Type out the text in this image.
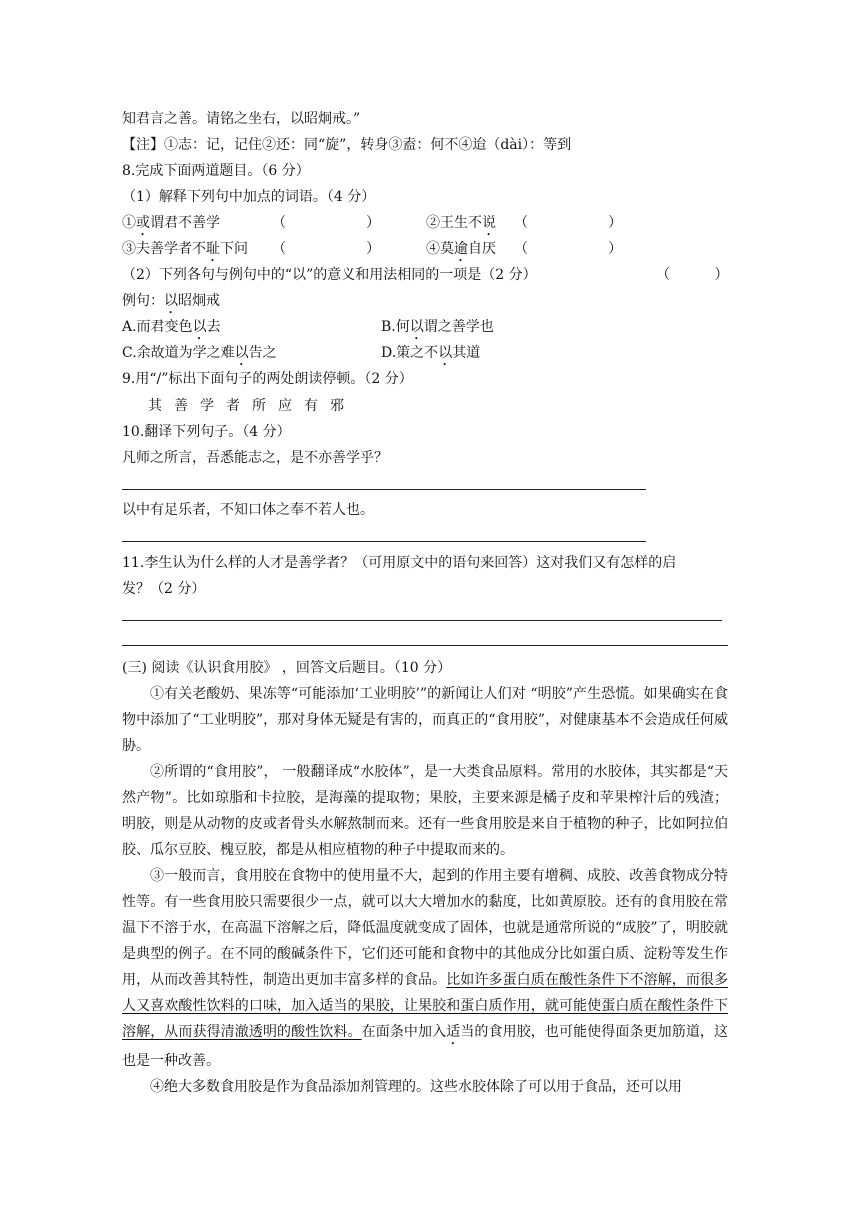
知君言之善。请铭之坐右，以昭炯戒。”
【注】①志：记，记住②还：同“旋”，转身③盍：何不④迨（dài）：等到
8.完成下面两道题目。（6 分）
（1）解释下列句中加点的词语。（4 分）
①或谓君不善学	（                  ）	②王生不说 （                  ）
③夫善学者不耻下问 （                  ）	④莫逾自厌 （                  ）
（2）下列各句与例句中的“以”的意义和用法相同的一项是（2 分）	（          ）
例句：以昭炯戒
A.而君变色以去	B.何以谓之善学也
C.余故道为学之难以告之	D.策之不以其道
9.用“/”标出下面句子的两处朗读停顿。（2 分）
其善学者所应有邪
10.翻译下列句子。（4 分）
凡师之所言，吾悉能志之，是不亦善学乎？
以中有足乐者，不知口体之奉不若人也。
11.李生认为什么样的人才是善学者？（可用原文中的语句来回答）这对我们又有怎样的启
发？（2 分）
(三) 阅读《认识食用胶》 ，回答文后题目。（10 分）

①有关老酸奶、果冻等“可能添加‘工业明胶’”的新闻让人们对 “明胶”产生恐慌。如果确实在食物中添加了“工业明胶”，那对身体无疑是有害的，而真正的“食用胶”，对健康基本不会造成任何威胁。

②所谓的“食用胶”， 一般翻译成“水胶体”，是一大类食品原料。常用的水胶体，其实都是“天然产物”。比如琼脂和卡拉胶，是海藻的提取物；果胶，主要来源是橘子皮和苹果榨汁后的残渣；明胶，则是从动物的皮或者骨头水解熬制而来。还有一些食用胶是来自于植物的种子，比如阿拉伯胶、瓜尔豆胶、槐豆胶，都是从相应植物的种子中提取而来的。

③一般而言，食用胶在食物中的使用量不大，起到的作用主要有增稠、成胶、改善食物成分特性等。有一些食用胶只需要很少一点，就可以大大增加水的黏度，比如黄原胶。还有的食用胶在常温下不溶于水，在高温下溶解之后，降低温度就变成了固体，也就是通常所说的“成胶”了，明胶就是典型的例子。在不同的酸碱条件下，它们还可能和食物中的其他成分比如蛋白质、淀粉等发生作用，从而改善其特性，制造出更加丰富多样的食品。比如许多蛋白质在酸性条件下不溶解，而很多人又喜欢酸性饮料的口味，加入适当的果胶，让果胶和蛋白质作用，就可能使蛋白质在酸性条件下溶解，从而获得清澈透明的酸性饮料。在面条中加入适当的食用胶，也可能使得面条更加筋道，这也是一种改善。

④绝大多数食用胶是作为食品添加剂管理的。这些水胶体除了可以用于食品，还可以用
